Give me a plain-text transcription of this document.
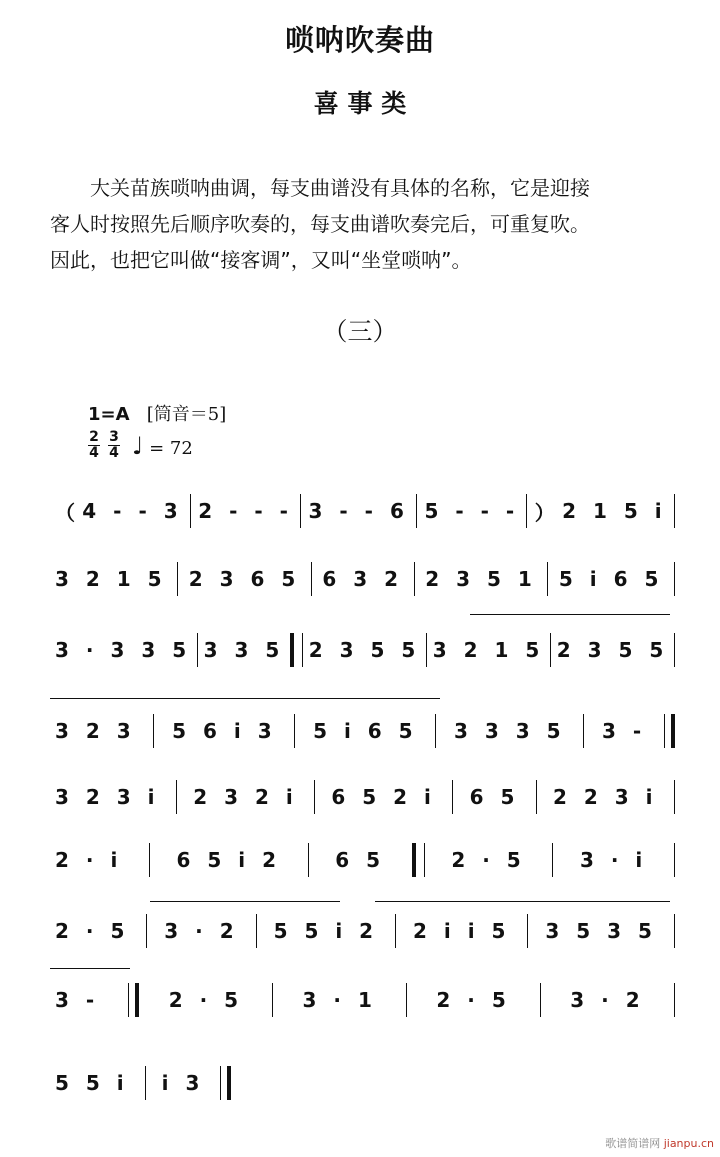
唢呐吹奏曲
喜 事 类

大关苗族唢呐曲调，每支曲谱没有具体的名称，它是迎接

客人时按照先后顺序吹奏的，每支曲谱吹奏完后，可重复吹。

因此，也把它叫做“接客调”，又叫“坐堂唢呐”。

（三）
1=A [筒音＝5]
$\frac{2}{4} \frac{3}{4}$ ♩ = 72
（ 4 - - 3 2 - - - 3 - - 6 5 - - - ） 2 1 5 i
3 2 1 5 2 3 6 5 6 3 2 2 3 5 1 5 i 6 5
3 · 3 3 5 3 3 5 2 3 5 5 3 2 1 5 2 3 5 5
3 2 3 5 6 i 3 5 i 6 5 3 3 3 5 3 -
3 2 3 i 2 3 2 i 6 5 2 i 6 5 2 2 3 i
2 · i	6 5 i 2	6 5	2 · 5	3 · i
2 · 5 3 · 2 5 5 i 2 2 i i 5 3 5 3 5
3 -	2 · 5	3 · 1	2 · 5	3 · 2
5 5 i i 3
歌谱简谱网 jianpu.cn
